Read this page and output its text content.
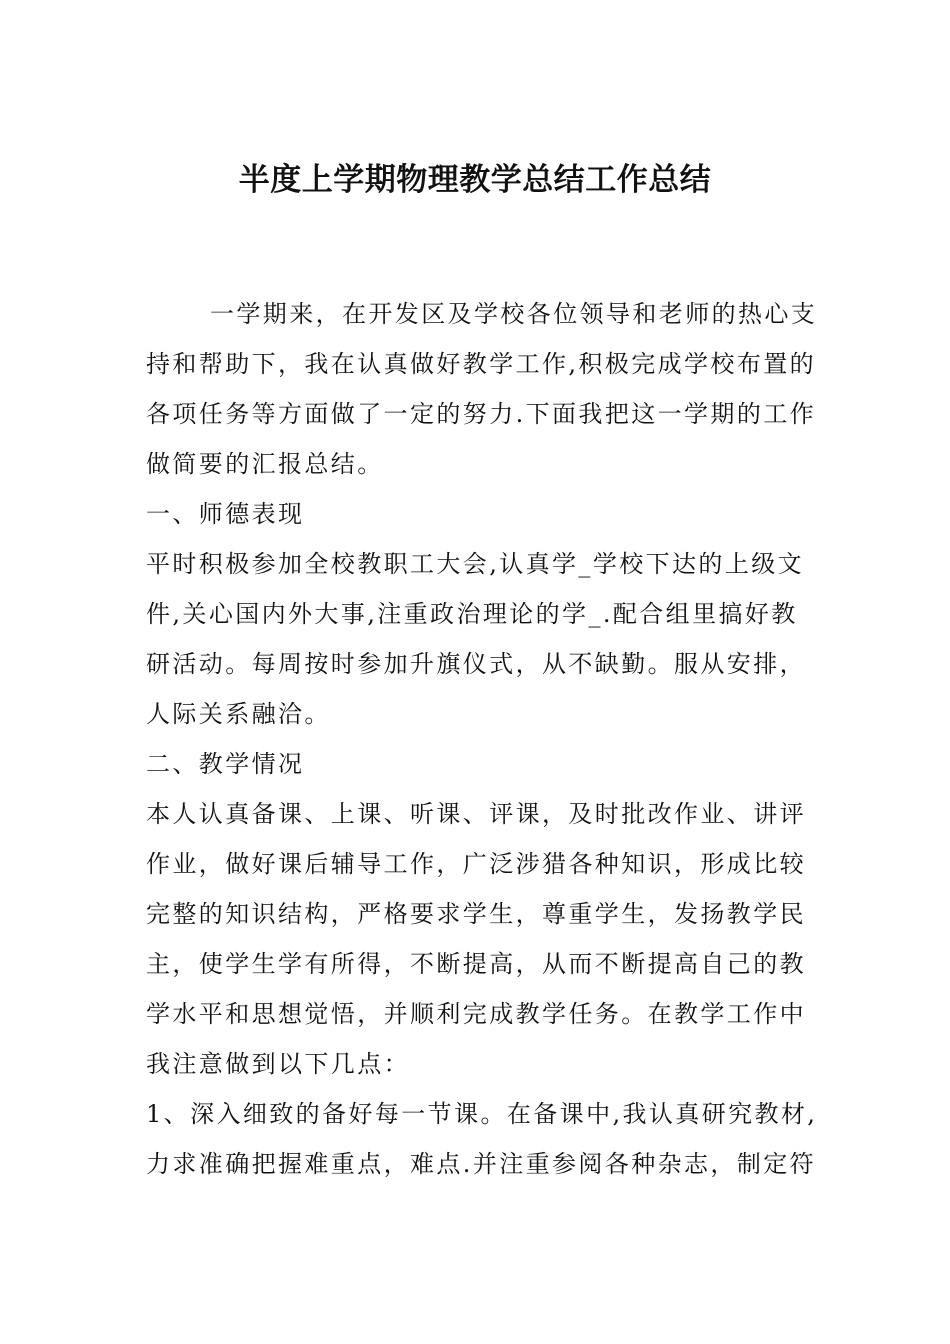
半度上学期物理教学总结工作总结
一学期来，在开发区及学校各位领导和老师的热心支
持和帮助下，我在认真做好教学工作,积极完成学校布置的
各项任务等方面做了一定的努力.下面我把这一学期的工作
做简要的汇报总结。
一、师德表现
平时积极参加全校教职工大会,认真学_学校下达的上级文
件,关心国内外大事,注重政治理论的学_.配合组里搞好教
研活动。每周按时参加升旗仪式，从不缺勤。服从安排，
人际关系融洽。
二、教学情况
本人认真备课、上课、听课、评课，及时批改作业、讲评
作业，做好课后辅导工作，广泛涉猎各种知识，形成比较
完整的知识结构，严格要求学生，尊重学生，发扬教学民
主，使学生学有所得，不断提高，从而不断提高自己的教
学水平和思想觉悟，并顺利完成教学任务。在教学工作中
我注意做到以下几点：
1、深入细致的备好每一节课。在备课中,我认真研究教材,
力求准确把握难重点，难点.并注重参阅各种杂志，制定符
